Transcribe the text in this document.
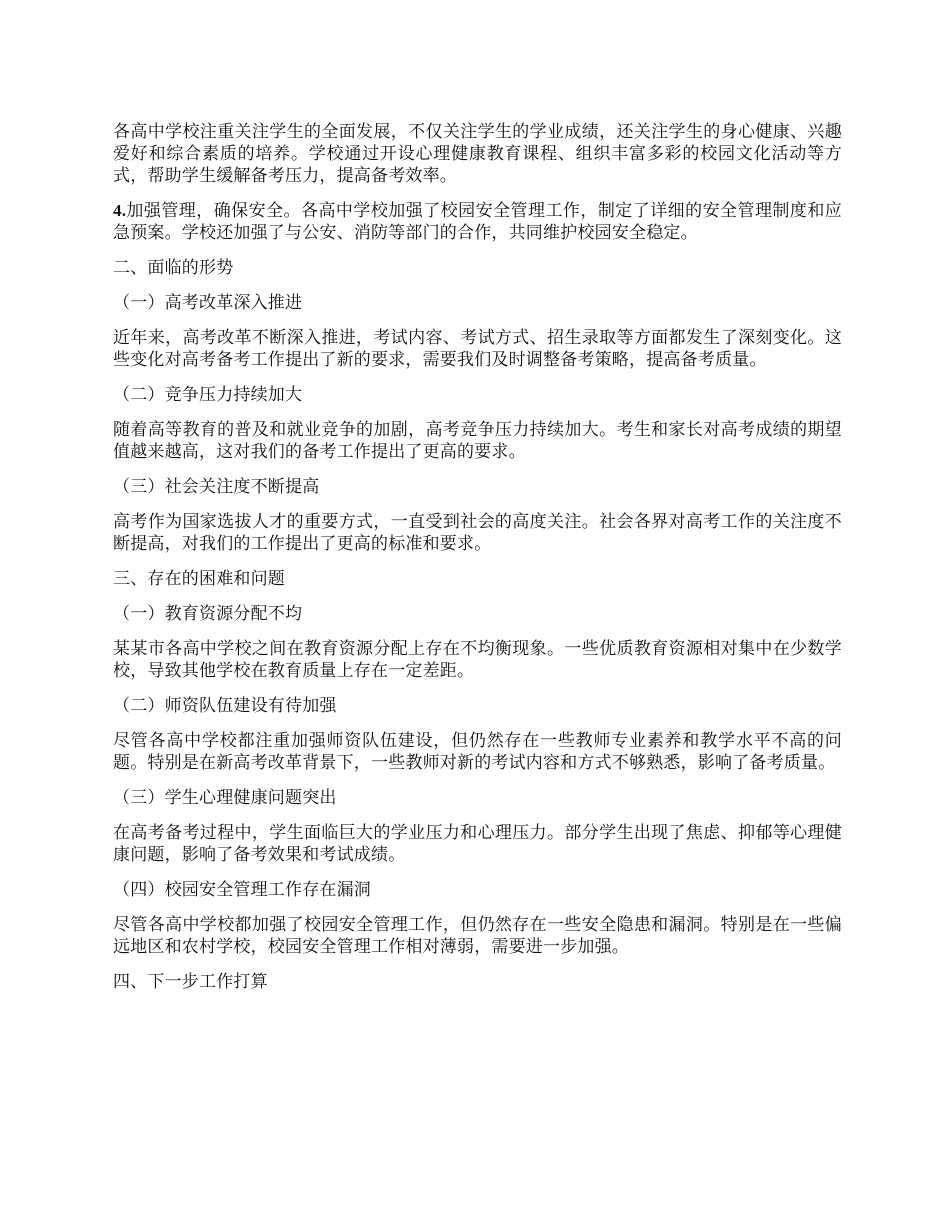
各高中学校注重关注学生的全面发展，不仅关注学生的学业成绩，还关注学生的身心健康、兴趣爱好和综合素质的培养。学校通过开设心理健康教育课程、组织丰富多彩的校园文化活动等方式，帮助学生缓解备考压力，提高备考效率。

4.加强管理，确保安全。各高中学校加强了校园安全管理工作，制定了详细的安全管理制度和应急预案。学校还加强了与公安、消防等部门的合作，共同维护校园安全稳定。

二、面临的形势

（一）高考改革深入推进

近年来，高考改革不断深入推进，考试内容、考试方式、招生录取等方面都发生了深刻变化。这些变化对高考备考工作提出了新的要求，需要我们及时调整备考策略，提高备考质量。

（二）竞争压力持续加大

随着高等教育的普及和就业竞争的加剧，高考竞争压力持续加大。考生和家长对高考成绩的期望值越来越高，这对我们的备考工作提出了更高的要求。

（三）社会关注度不断提高

高考作为国家选拔人才的重要方式，一直受到社会的高度关注。社会各界对高考工作的关注度不断提高，对我们的工作提出了更高的标准和要求。

三、存在的困难和问题

（一）教育资源分配不均

某某市各高中学校之间在教育资源分配上存在不均衡现象。一些优质教育资源相对集中在少数学校，导致其他学校在教育质量上存在一定差距。

（二）师资队伍建设有待加强

尽管各高中学校都注重加强师资队伍建设，但仍然存在一些教师专业素养和教学水平不高的问题。特别是在新高考改革背景下，一些教师对新的考试内容和方式不够熟悉，影响了备考质量。

（三）学生心理健康问题突出

在高考备考过程中，学生面临巨大的学业压力和心理压力。部分学生出现了焦虑、抑郁等心理健康问题，影响了备考效果和考试成绩。

（四）校园安全管理工作存在漏洞

尽管各高中学校都加强了校园安全管理工作，但仍然存在一些安全隐患和漏洞。特别是在一些偏远地区和农村学校，校园安全管理工作相对薄弱，需要进一步加强。

四、下一步工作打算
